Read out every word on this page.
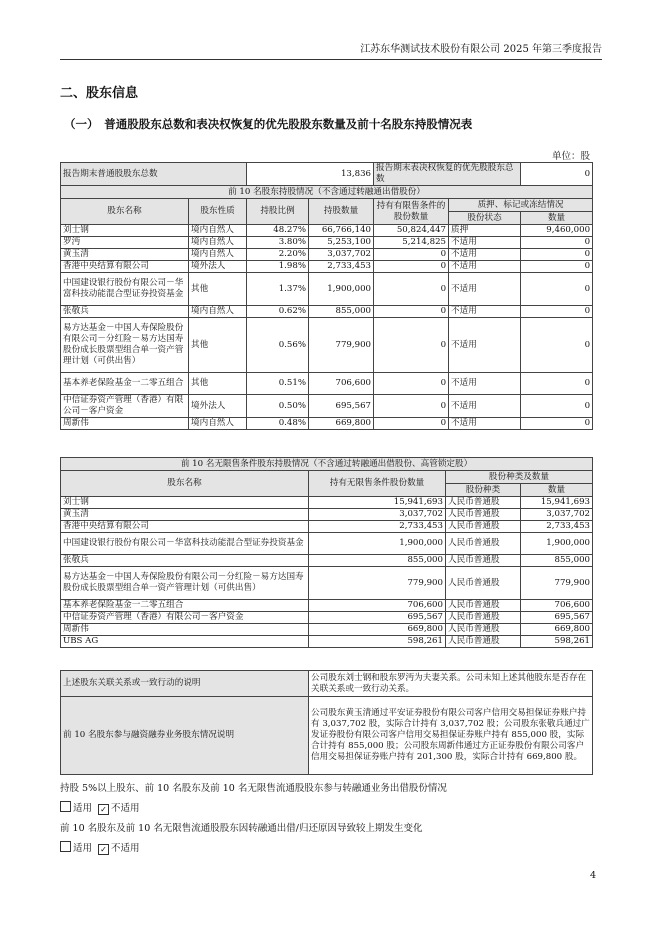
江苏东华测试技术股份有限公司 2025 年第三季度报告
二、股东信息
（一）　普通股股东总数和表决权恢复的优先股股东数量及前十名股东持股情况表
单位：股
报告期末普通股股东总数		13,836		报告期末表决权恢复的优先股股东总数		0
前 10 名股东持股情况（不含通过转融通出借股份）						
股东名称	股东性质	持股比例	持股数量	持有有限售条件的股份数量	质押、标记或冻结情况	
					股份状态	数量
刘士钢	境内自然人	48.27%	66,766,140	50,824,447	质押	9,460,000
罗沔	境内自然人	3.80%	5,253,100	5,214,825	不适用	0
黄玉清	境内自然人	2.20%	3,037,702	0	不适用	0
香港中央结算有限公司	境外法人	1.98%	2,733,453	0	不适用	0
中国建设银行股份有限公司－华富科技动能混合型证券投资基金	其他	1.37%	1,900,000	0	不适用	0
张敬兵	境内自然人	0.62%	855,000	0	不适用	0
易方达基金－中国人寿保险股份有限公司－分红险－易方达国寿股份成长股票型组合单一资产管理计划（可供出售）	其他	0.56%	779,900	0	不适用	0
基本养老保险基金一二零五组合	其他	0.51%	706,600	0	不适用	0
中信证券资产管理（香港）有限公司－客户资金	境外法人	0.50%	695,567	0	不适用	0
周新伟	境内自然人	0.48%	669,800	0	不适用	0
前 10 名无限售条件股东持股情况（不含通过转融通出借股份、高管锁定股）			
股东名称	持有无限售条件股份数量	股份种类及数量	
		股份种类	数量
刘士钢	15,941,693	人民币普通股	15,941,693
黄玉清	3,037,702	人民币普通股	3,037,702
香港中央结算有限公司	2,733,453	人民币普通股	2,733,453
中国建设银行股份有限公司－华富科技动能混合型证券投资基金	1,900,000	人民币普通股	1,900,000
张敬兵	855,000	人民币普通股	855,000
易方达基金－中国人寿保险股份有限公司－分红险－易方达国寿股份成长股票型组合单一资产管理计划（可供出售）	779,900	人民币普通股	779,900
基本养老保险基金一二零五组合	706,600	人民币普通股	706,600
中信证券资产管理（香港）有限公司－客户资金	695,567	人民币普通股	695,567
周新伟	669,800	人民币普通股	669,800
UBS AG	598,261	人民币普通股	598,261
上述股东关联关系或一致行动的说明	公司股东刘士钢和股东罗沔为夫妻关系。公司未知上述其他股东是否存在关联关系或一致行动关系。
前 10 名股东参与融资融券业务股东情况说明	公司股东黄玉清通过平安证券股份有限公司客户信用交易担保证券账户持有 3,037,702 股，实际合计持有 3,037,702 股；公司股东张敬兵通过广发证券股份有限公司客户信用交易担保证券账户持有 855,000 股，实际合计持有 855,000 股；公司股东周新伟通过方正证券股份有限公司客户信用交易担保证券账户持有 201,300 股，实际合计持有 669,800 股。
持股 5%以上股东、前 10 名股东及前 10 名无限售流通股股东参与转融通业务出借股份情况
适用 ✓ 不适用
前 10 名股东及前 10 名无限售流通股股东因转融通出借/归还原因导致较上期发生变化
适用 ✓ 不适用
4
